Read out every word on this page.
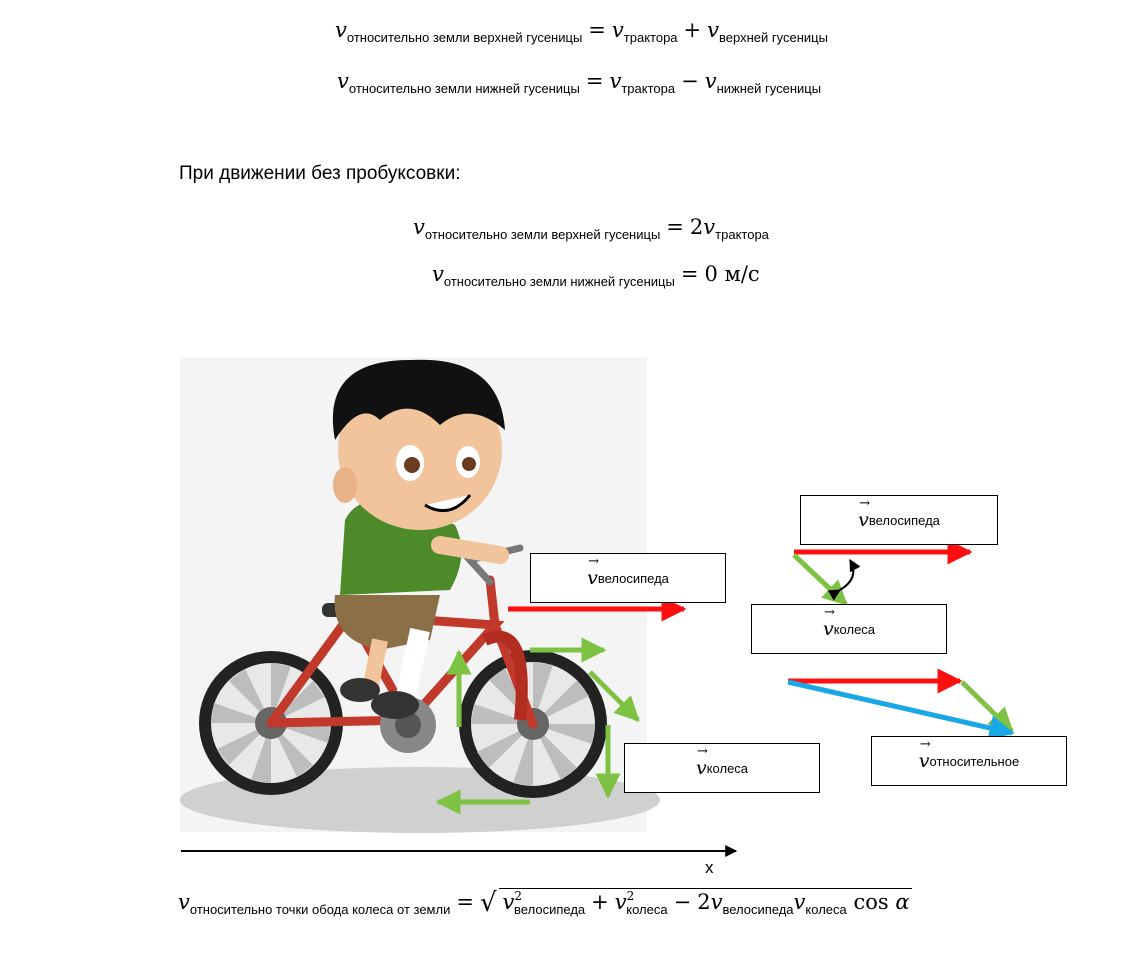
$v_{относительно земли верхней гусеницы} = v_{трактора} + v_{верхней гусеницы}$
$v_{относительно земли нижней гусеницы} = v_{трактора} - v_{нижней гусеницы}$
При движении без пробуксовки:
$v_{относительно земли верхней гусеницы} = 2v_{трактора}$
$v_{относительно земли нижней гусеницы} = 0$ м/с
→ v велосипеда
→ v колеса
→ v велосипеда
→ v колеса
→ v относительное
x
$v_{относительно точки обода колеса от земли}$ = √ $v^2_{велосипеда} + v^2_{колеса} - 2v_{велосипеда}v_{колеса}$ cos α
